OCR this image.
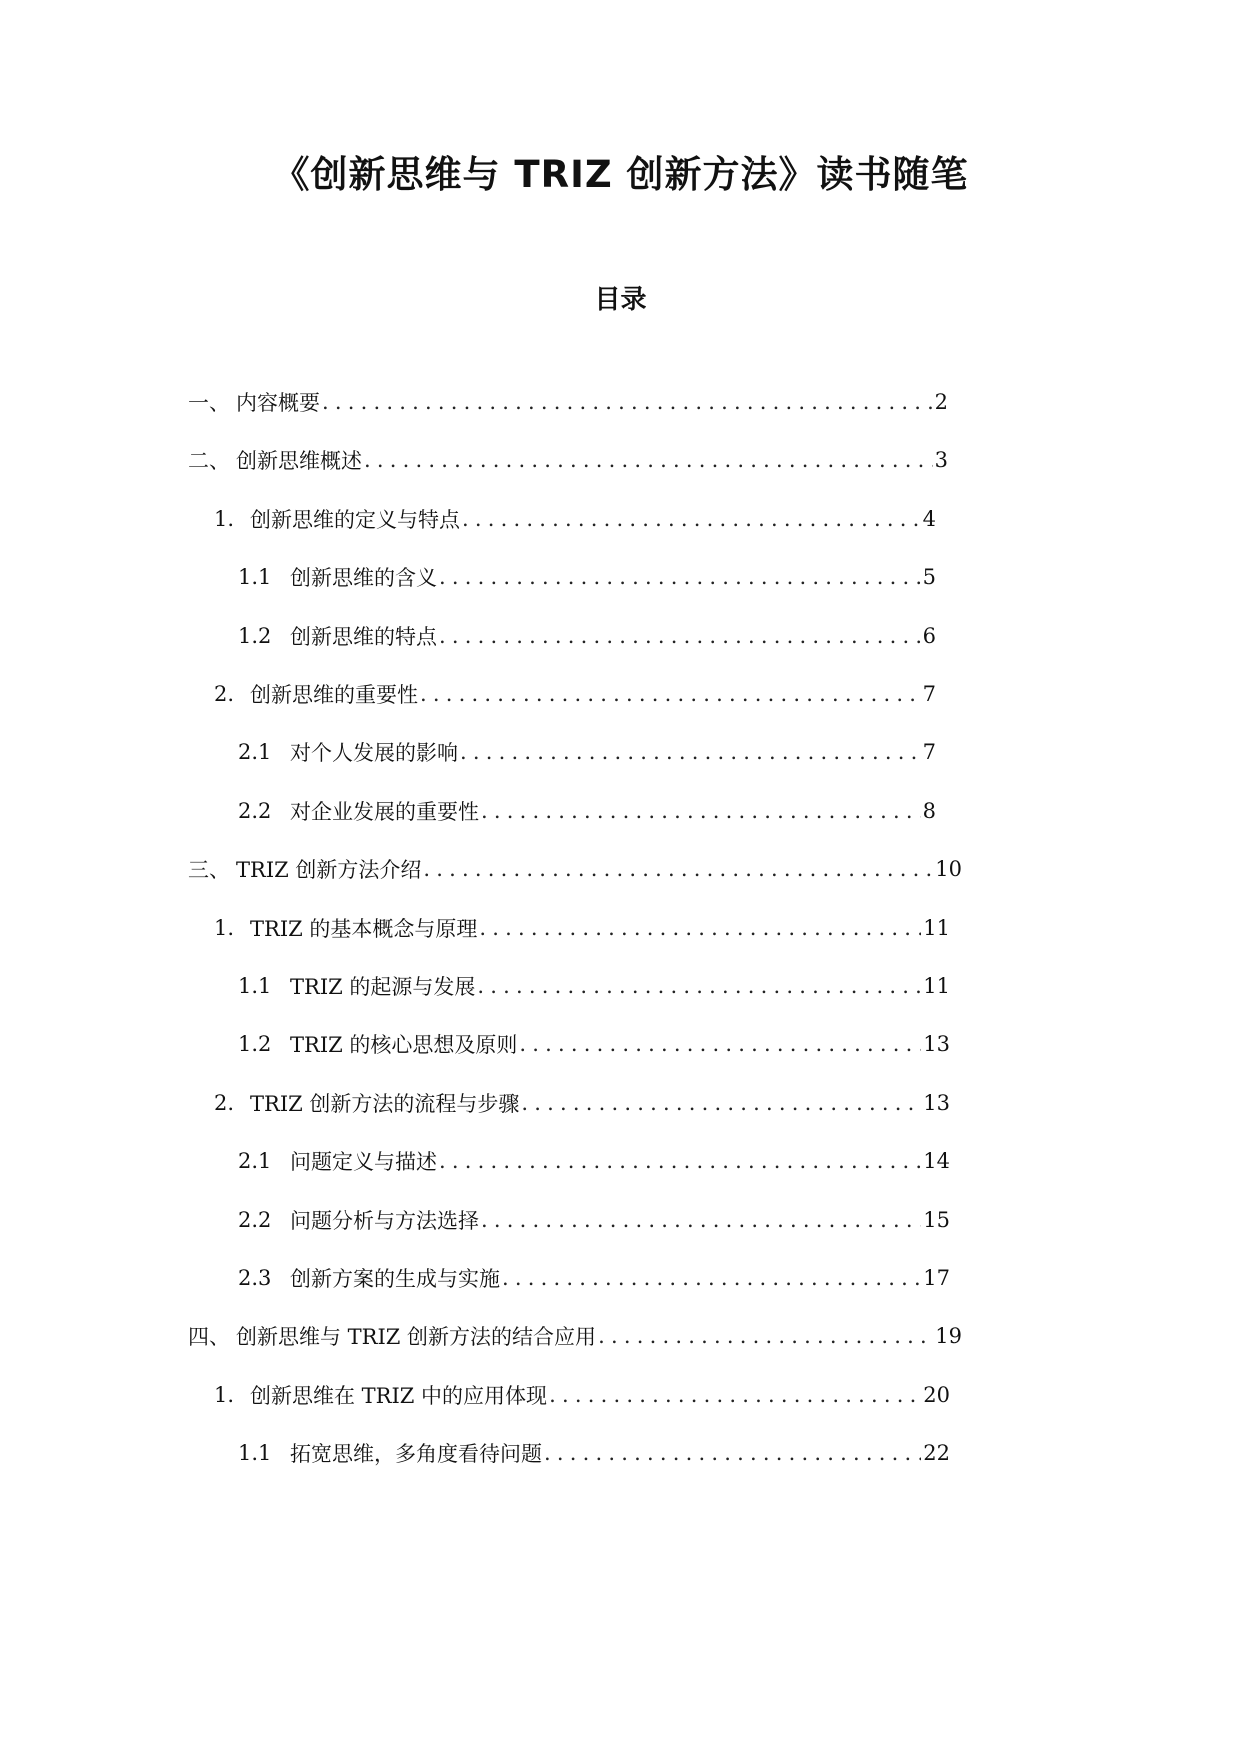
《创新思维与 TRIZ 创新方法》读书随笔
目录
一、 内容概要 .....	2
二、 创新思维概述 .....	3
1. 创新思维的定义与特点 .....	4
1.1 创新思维的含义 .....	5
1.2 创新思维的特点 .....	6
2. 创新思维的重要性 .....	7
2.1 对个人发展的影响 .....	7
2.2 对企业发展的重要性 .....	8
三、 TRIZ 创新方法介绍 .....	10
1. TRIZ 的基本概念与原理 .....	11
1.1 TRIZ 的起源与发展 .....	11
1.2 TRIZ 的核心思想及原则 .....	13
2. TRIZ 创新方法的流程与步骤 .....	13
2.1 问题定义与描述 .....	14
2.2 问题分析与方法选择 .....	15
2.3 创新方案的生成与实施 .....	17
四、 创新思维与 TRIZ 创新方法的结合应用 .....	19
1. 创新思维在 TRIZ 中的应用体现 .....	20
1.1 拓宽思维，多角度看待问题 .....	22
